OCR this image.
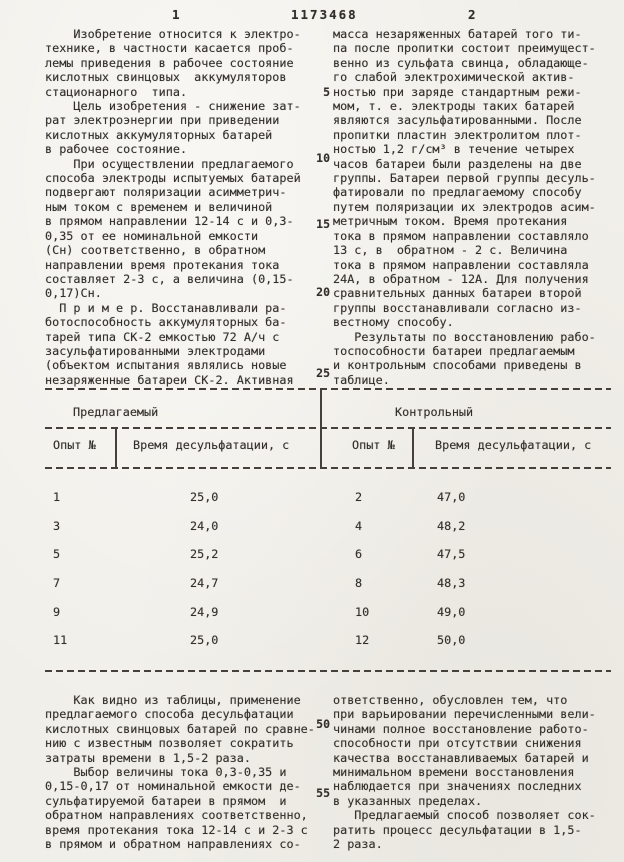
1	1173468	2
Изобретение относится к электро-
технике, в частности касается проб-
лемы приведения в рабочее состояние
кислотных свинцовых  аккумуляторов
стационарного  типа.
Цель изобретения - снижение зат-
рат электроэнергии при приведении
кислотных аккумуляторных батарей
в рабочее состояние.
При осуществлении предлагаемого
способа электроды испытуемых батарей
подвергают поляризации асимметрич-
ным током с временем и величиной
в прямом направлении 12-14 с и 0,3-
0,35 от ее номинальной емкости
(Сн) соответственно, в обратном
направлении время протекания тока
составляет 2-3 с, а величина (0,15-
0,17)Сн.
П р и м е р. Восстанавливали ра-
ботоспособность аккумуляторных ба-
тарей типа СК-2 емкостью 72 А/ч с
засульфатированными электродами
(объектом испытания являлись новые
незаряженные батареи СК-2. Активная
масса незаряженных батарей того ти-
па после пропитки состоит преимущест-
венно из сульфата свинца, обладающе-
го слабой электрохимической актив-
ностью при заряде стандартным режи-
мом, т. е. электроды таких батарей
являются засульфатированными. После
пропитки пластин электролитом плот-
ностью 1,2 г/см³ в течение четырех
часов батареи были разделены на две
группы. Батареи первой группы десуль-
фатировали по предлагаемому способу
путем поляризации их электродов асим-
метричным током. Время протекания
тока в прямом направлении составляло
13 с, в  обратном - 2 с. Величина
тока в прямом направлении составляла
24А, в обратном - 12А. Для получения
сравнительных данных батареи второй
группы восстанавливали согласно из-
вестному способу.
Результаты по восстановлению рабо-
тоспособности батареи предлагаемым
и контрольным способами приведены в
таблице.
5
10
15
20
25
50
55
Предлагаемый	Контрольный
Опыт №	Время десульфатации, с	Опыт №	Время десульфатации, с
1	25,0	2	47,0
3	24,0	4	48,2
5	25,2	6	47,5
7	24,7	8	48,3
9	24,9	10	49,0
11	25,0	12	50,0
Как видно из таблицы, применение
предлагаемого способа десульфатации
кислотных свинцовых батарей по сравне-
нию с известным позволяет сократить
затраты времени в 1,5-2 раза.
Выбор величины тока 0,3-0,35 и
0,15-0,17 от номинальной емкости де-
сульфатируемой батареи в прямом  и
обратном направлениях соответственно,
время протекания тока 12-14 с и 2-3 с
в прямом и обратном направлениях со-
ответственно, обусловлен тем, что
при варьировании перечисленными вели-
чинами полное восстановление работо-
способности при отсутствии снижения
качества восстанавливаемых батарей и
минимальном времени восстановления
наблюдается при значениях последних
в указанных пределах.
Предлагаемый способ позволяет сок-
ратить процесс десульфатации в 1,5-
2 раза.
